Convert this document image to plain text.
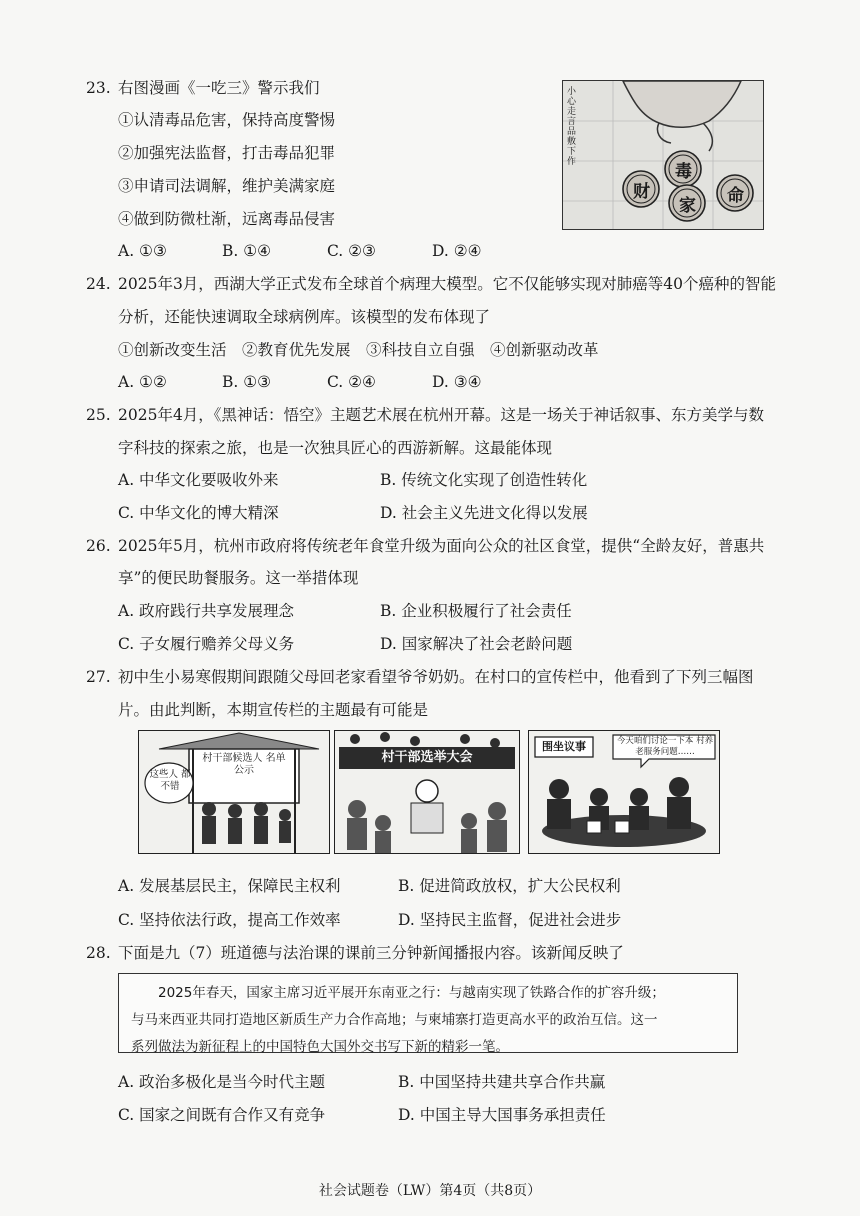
23. 右图漫画《一吃三》警示我们
①认清毒品危害，保持高度警惕
②加强宪法监督，打击毒品犯罪
③申请司法调解，维护美满家庭
④做到防微杜渐，远离毒品侵害
A. ①③	B. ①④	C. ②③	D. ②④
毒
财
家 命
小心走言品敷下作
24. 2025年3月，西湖大学正式发布全球首个病理大模型。它不仅能够实现对肺癌等40个癌种的智能
分析，还能快速调取全球病例库。该模型的发布体现了
①创新改变生活　②教育优先发展　③科技自立自强　④创新驱动改革
A. ①②	B. ①③	C. ②④	D. ③④
25. 2025年4月，《黑神话：悟空》主题艺术展在杭州开幕。这是一场关于神话叙事、东方美学与数
字科技的探索之旅，也是一次独具匠心的西游新解。这最能体现
A. 中华文化要吸收外来	B. 传统文化实现了创造性转化
C. 中华文化的博大精深	D. 社会主义先进文化得以发展
26. 2025年5月，杭州市政府将传统老年食堂升级为面向公众的社区食堂，提供“全龄友好，普惠共
享”的便民助餐服务。这一举措体现
A. 政府践行共享发展理念	B. 企业积极履行了社会责任
C. 子女履行赡养父母义务	D. 国家解决了社会老龄问题
27. 初中生小易寒假期间跟随父母回老家看望爷爷奶奶。在村口的宣传栏中，他看到了下列三幅图
片。由此判断，本期宣传栏的主题最有可能是
村干部候选人 名单公示
这些人 都不错
村干部选举大会
围坐议事	今天咱们讨论一下本 村养老服务问题……
A. 发展基层民主，保障民主权利	B. 促进简政放权，扩大公民权利
C. 坚持依法行政，提高工作效率	D. 坚持民主监督，促进社会进步
28. 下面是九（7）班道德与法治课的课前三分钟新闻播报内容。该新闻反映了

2025年春天，国家主席习近平展开东南亚之行：与越南实现了铁路合作的扩容升级；

与马来西亚共同打造地区新质生产力合作高地；与柬埔寨打造更高水平的政治互信。这一

系列做法为新征程上的中国特色大国外交书写下新的精彩一笔。

A. 政治多极化是当今时代主题	B. 中国坚持共建共享合作共赢
C. 国家之间既有合作又有竞争	D. 中国主导大国事务承担责任
社会试题卷（LW）第4页（共8页）
